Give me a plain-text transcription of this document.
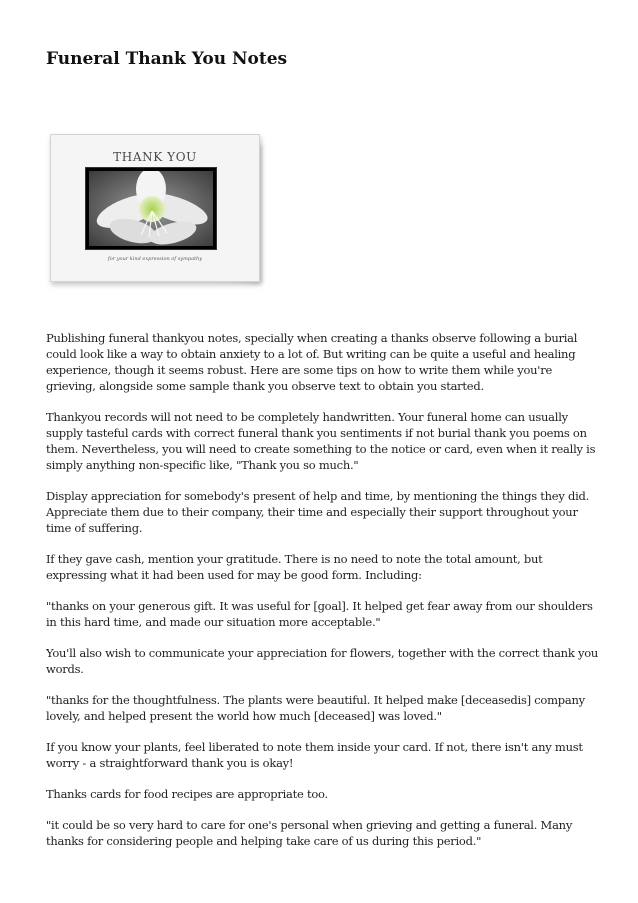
Funeral Thank You Notes
THANK YOU
for your kind expression of sympathy

Publishing funeral thankyou notes, specially when creating a thanks observe following a burial could look like a way to obtain anxiety to a lot of. But writing can be quite a useful and healing experience, though it seems robust. Here are some tips on how to write them while you're grieving, alongside some sample thank you observe text to obtain you started.

Thankyou records will not need to be completely handwritten. Your funeral home can usually supply tasteful cards with correct funeral thank you sentiments if not burial thank you poems on them. Nevertheless, you will need to create something to the notice or card, even when it really is simply anything non-specific like, "Thank you so much."

Display appreciation for somebody's present of help and time, by mentioning the things they did. Appreciate them due to their company, their time and especially their support throughout your time of suffering.

If they gave cash, mention your gratitude. There is no need to note the total amount, but expressing what it had been used for may be good form. Including:

"thanks on your generous gift. It was useful for [goal]. It helped get fear away from our shoulders in this hard time, and made our situation more acceptable."

You'll also wish to communicate your appreciation for flowers, together with the correct thank you words.

"thanks for the thoughtfulness. The plants were beautiful. It helped make [deceasedis] company lovely, and helped present the world how much [deceased] was loved."

If you know your plants, feel liberated to note them inside your card. If not, there isn't any must worry - a straightforward thank you is okay!

Thanks cards for food recipes are appropriate too.

"it could be so very hard to care for one's personal when grieving and getting a funeral. Many thanks for considering people and helping take care of us during this period."
